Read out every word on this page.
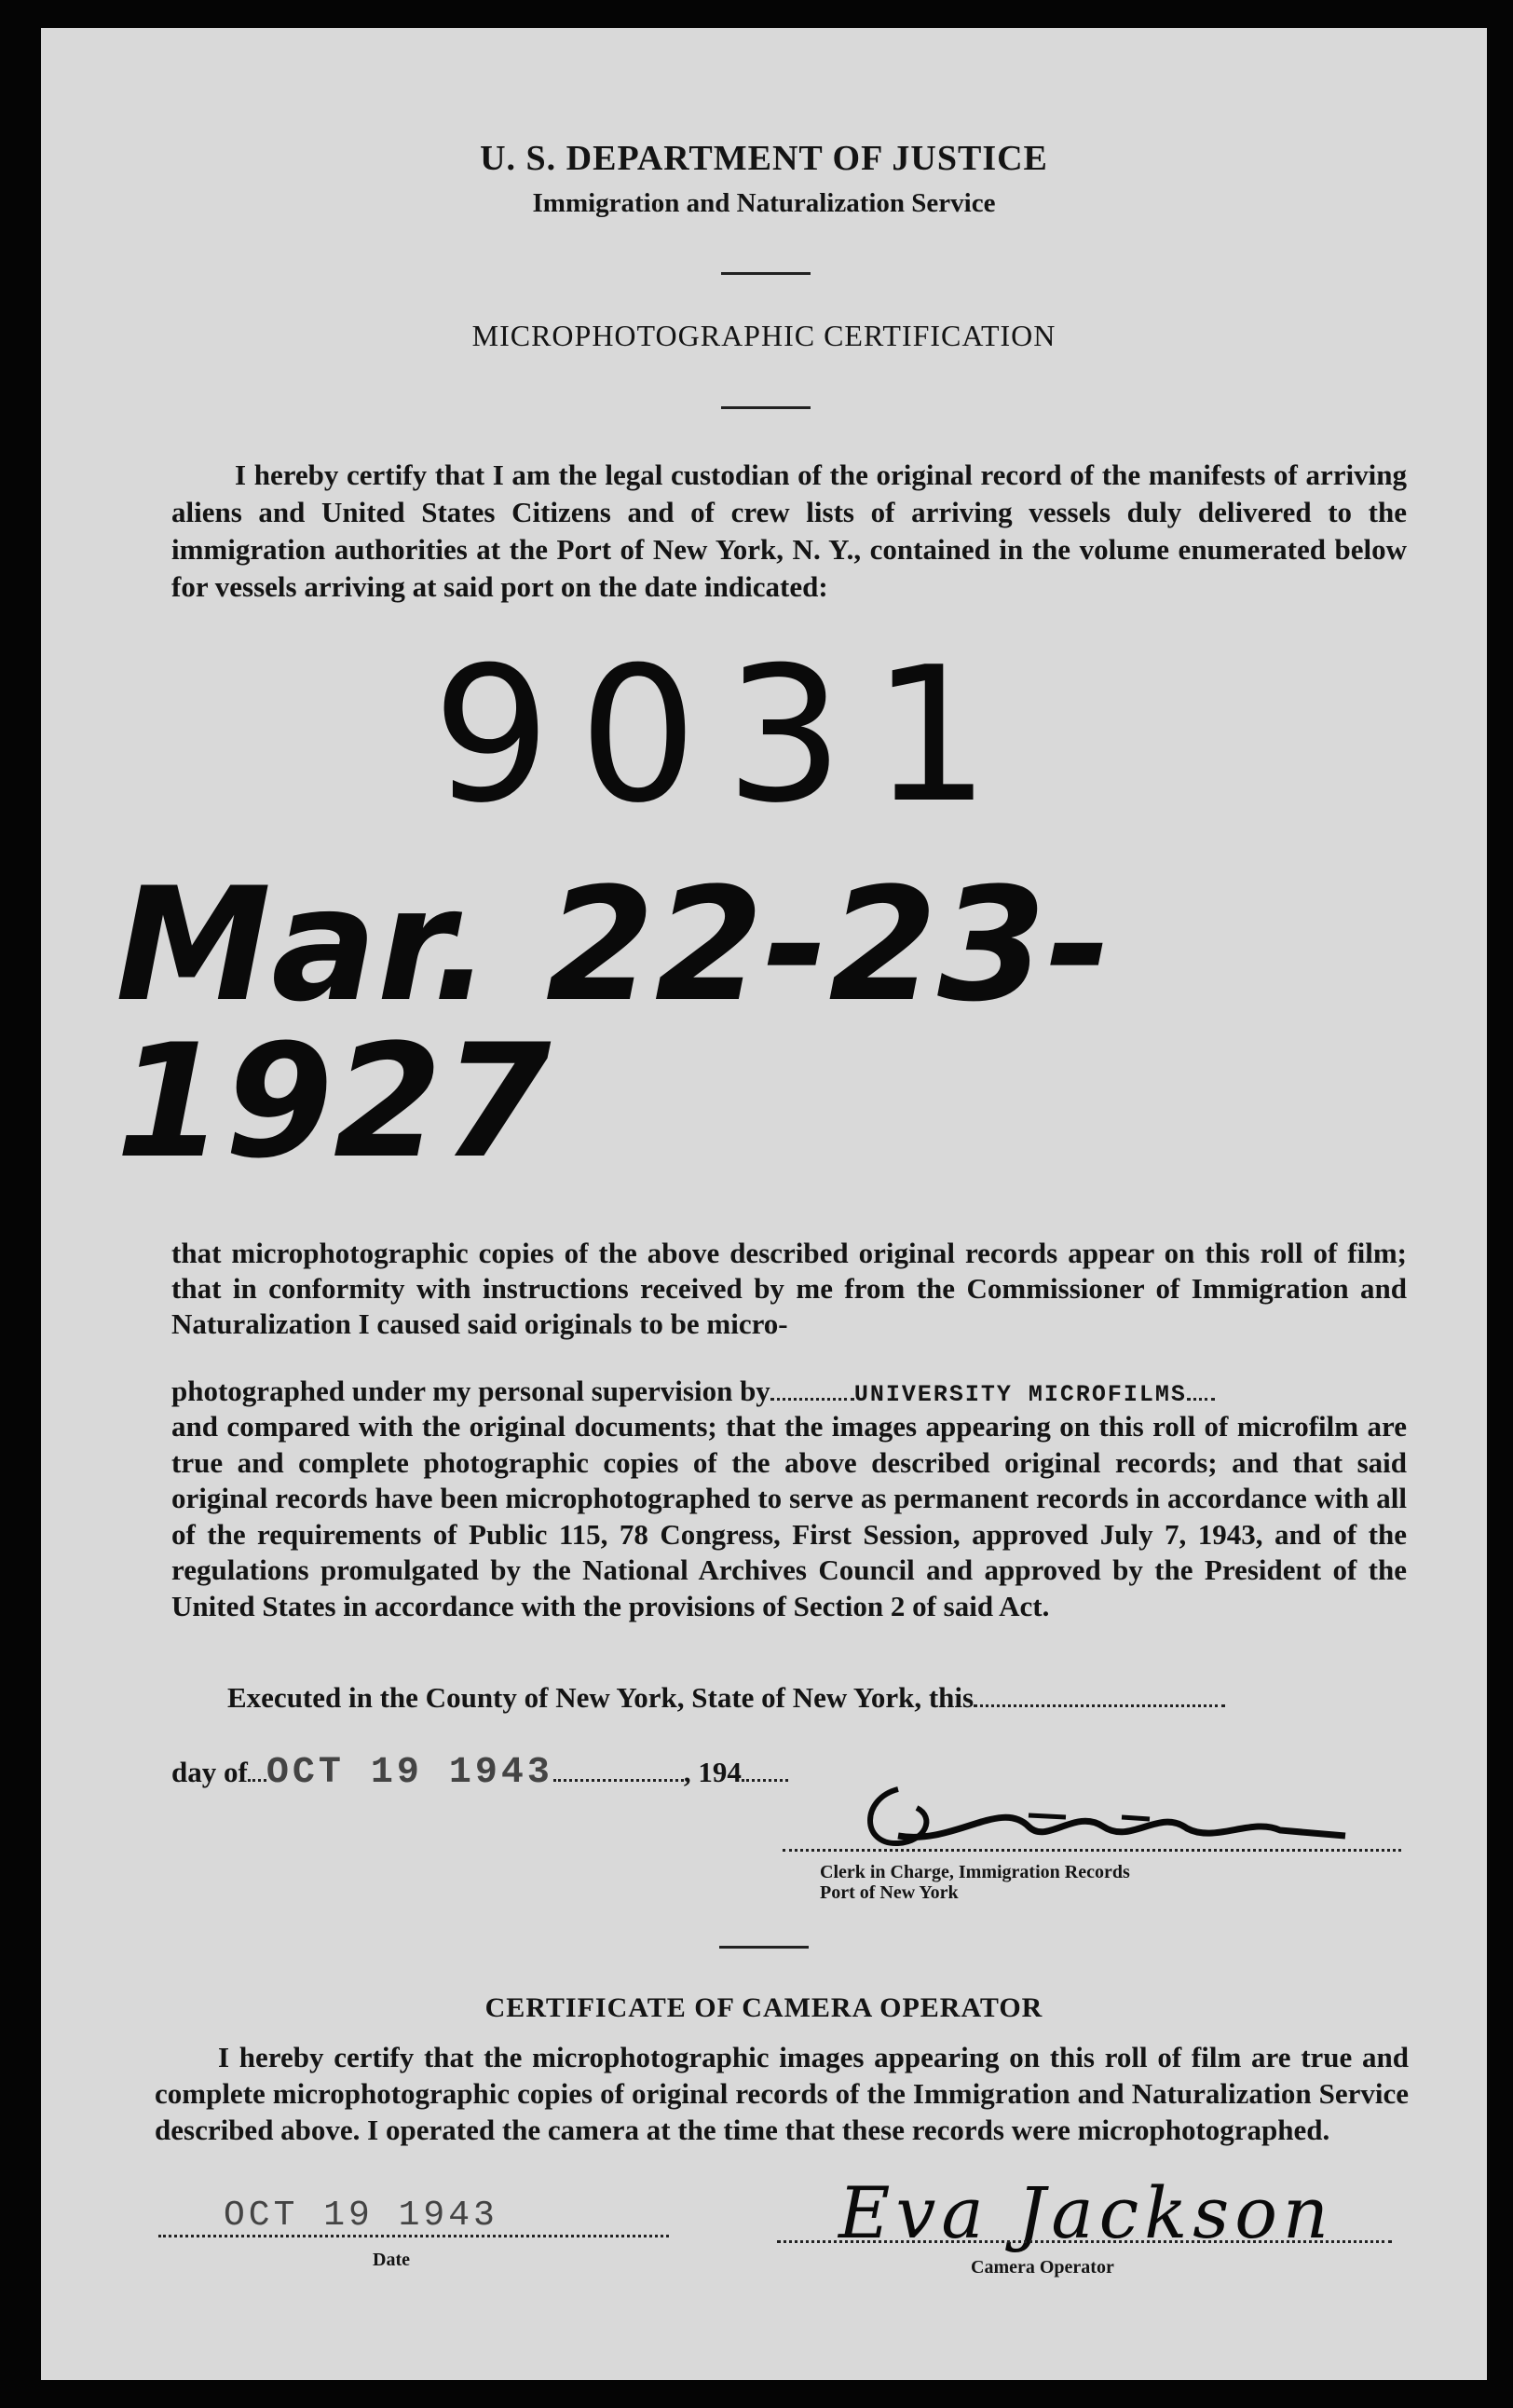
U. S. DEPARTMENT OF JUSTICE
Immigration and Naturalization Service
MICROPHOTOGRAPHIC CERTIFICATION

I hereby certify that I am the legal custodian of the original record of the manifests of arriving aliens and United States Citizens and of crew lists of arriving vessels duly delivered to the immigration authorities at the Port of New York, N. Y., contained in the volume enumerated below for vessels arriving at said port on the date indicated:

9031
Mar. 22-23-1927

that microphotographic copies of the above described original records appear on this roll of film; that in conformity with instructions received by me from the Commissioner of Immigration and Naturalization I caused said originals to be micro-

photographed under my personal supervision by	UNIVERSITY MICROFILMS

and compared with the original documents; that the images appearing on this roll of microfilm are true and complete photographic copies of the above described original records; and that said original records have been microphotographed to serve as permanent records in accordance with all of the requirements of Public 115, 78 Congress, First Session, approved July 7, 1943, and of the regulations promulgated by the National Archives Council and approved by the President of the United States in accordance with the provisions of Section 2 of said Act.

Executed in the County of New York, State of New York, this
day of OCT 19 1943	, 194
Clerk in Charge, Immigration Records
Port of New York
CERTIFICATE OF CAMERA OPERATOR

I hereby certify that the microphotographic images appearing on this roll of film are true and complete microphotographic copies of original records of the Immigration and Naturalization Service described above. I operated the camera at the time that these records were microphotographed.

OCT 19 1943
Date
Eva Jackson
Camera Operator
